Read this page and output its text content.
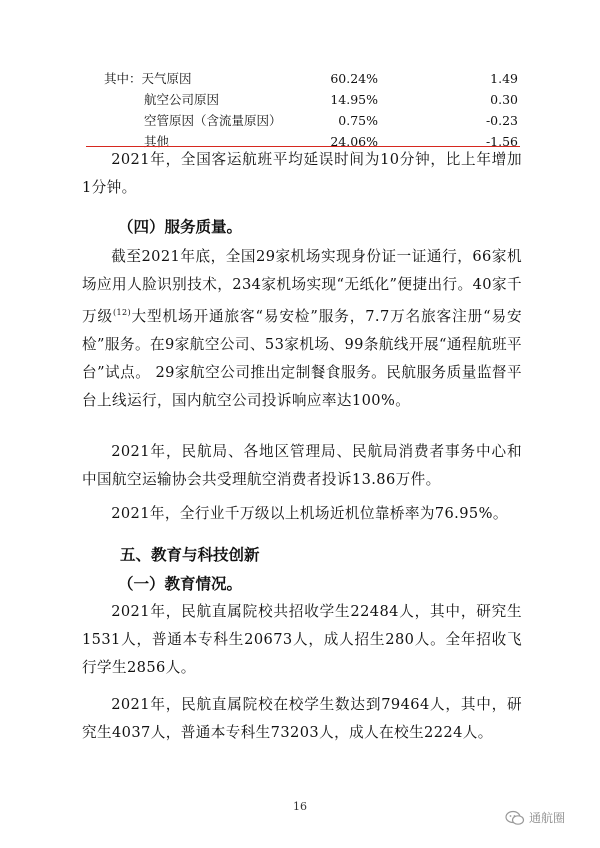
其中：天气原因	60.24%	1.49
航空公司原因	14.95%	0.30
空管原因（含流量原因）	0.75%	-0.23
其他	24.06%	-1.56

2021年，全国客运航班平均延误时间为10分钟，比上年增加1分钟。

（四）服务质量。

截至2021年底，全国29家机场实现身份证一证通行，66家机场应用人脸识别技术，234家机场实现“无纸化”便捷出行。40家千万级$^{(12)}$大型机场开通旅客“易安检”服务，7.7万名旅客注册“易安检”服务。在9家航空公司、53家机场、99条航线开展“通程航班平台”试点。 29家航空公司推出定制餐食服务。民航服务质量监督平台上线运行，国内航空公司投诉响应率达100%。

2021年，民航局、各地区管理局、民航局消费者事务中心和中国航空运输协会共受理航空消费者投诉13.86万件。

2021年，全行业千万级以上机场近机位靠桥率为76.95%。

五、教育与科技创新

（一）教育情况。

2021年，民航直属院校共招收学生22484人，其中，研究生1531人，普通本专科生20673人，成人招生280人。全年招收飞行学生2856人。

2021年，民航直属院校在校学生数达到79464人，其中，研究生4037人，普通本专科生73203人，成人在校生2224人。

16
通航圈
